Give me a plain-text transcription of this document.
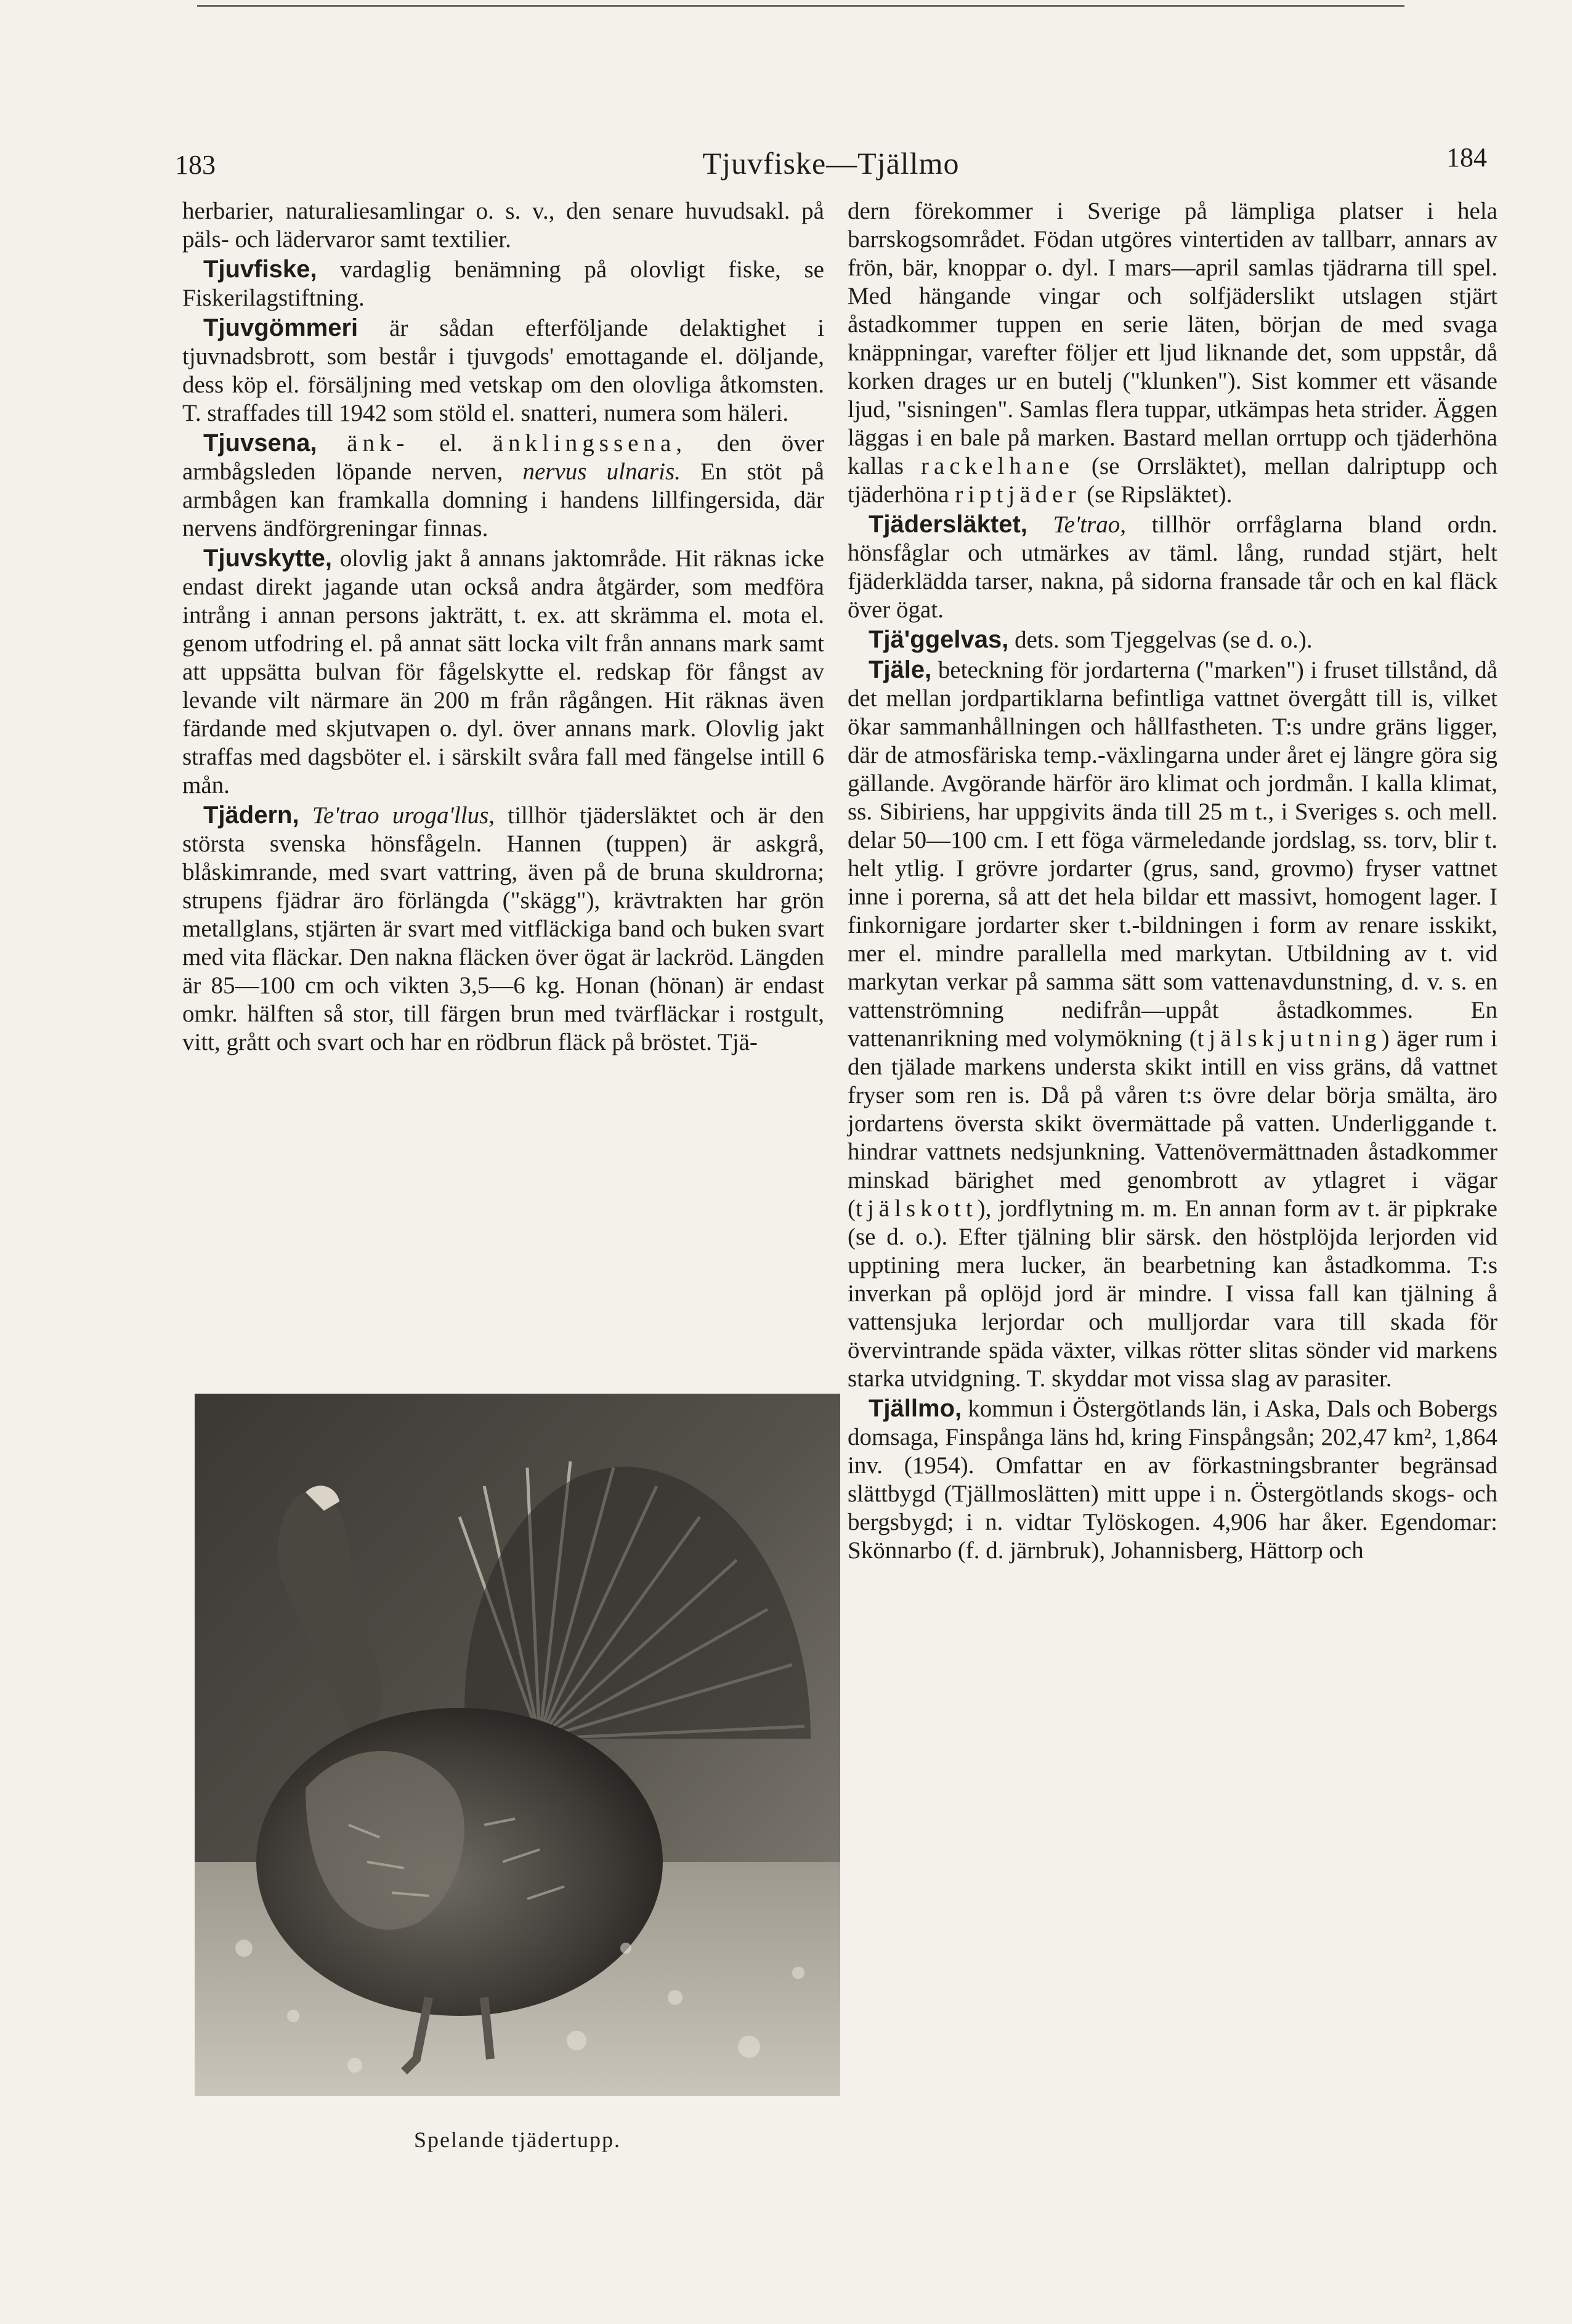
183	Tjuvfiske—Tjällmo	184

herbarier, naturaliesamlingar o. s. v., den senare huvudsakl. på päls- och lädervaror samt textilier.

Tjuvfiske, vardaglig benämning på olovligt fiske, se Fiskerilagstiftning.

Tjuvgömmeri är sådan efterföljande delaktighet i tjuvnadsbrott, som består i tjuvgods' emottagande el. döljande, dess köp el. försäljning med vetskap om den olovliga åtkomsten. T. straffades till 1942 som stöld el. snatteri, numera som häleri.

Tjuvsena, änk- el. änklingssena, den över armbågsleden löpande nerven, nervus ulnaris. En stöt på armbågen kan framkalla domning i handens lillfingersida, där nervens ändförgreningar finnas.

Tjuvskytte, olovlig jakt å annans jaktområde. Hit räknas icke endast direkt jagande utan också andra åtgärder, som medföra intrång i annan persons jakträtt, t. ex. att skrämma el. mota el. genom utfodring el. på annat sätt locka vilt från annans mark samt att uppsätta bulvan för fågelskytte el. redskap för fångst av levande vilt närmare än 200 m från rågången. Hit räknas även färdande med skjutvapen o. dyl. över annans mark. Olovlig jakt straffas med dagsböter el. i särskilt svåra fall med fängelse intill 6 mån.

Tjädern, Te'trao uroga'llus, tillhör tjädersläktet och är den största svenska hönsfågeln. Hannen (tuppen) är askgrå, blåskimrande, med svart vattring, även på de bruna skuldrorna; strupens fjädrar äro förlängda ("skägg"), krävtrakten har grön metallglans, stjärten är svart med vitfläckiga band och buken svart med vita fläckar. Den nakna fläcken över ögat är lackröd. Längden är 85—100 cm och vikten 3,5—6 kg. Honan (hönan) är endast omkr. hälften så stor, till färgen brun med tvärfläckar i rostgult, vitt, grått och svart och har en rödbrun fläck på bröstet. Tjä-

Spelande tjädertupp.

dern förekommer i Sverige på lämpliga platser i hela barrskogsområdet. Födan utgöres vintertiden av tallbarr, annars av frön, bär, knoppar o. dyl. I mars—april samlas tjädrarna till spel. Med hängande vingar och solfjäderslikt utslagen stjärt åstadkommer tuppen en serie läten, början de med svaga knäppningar, varefter följer ett ljud liknande det, som uppstår, då korken drages ur en butelj ("klunken"). Sist kommer ett väsande ljud, "sisningen". Samlas flera tuppar, utkämpas heta strider. Äggen läggas i en bale på marken. Bastard mellan orrtupp och tjäderhöna kallas rackelhane (se Orrsläktet), mellan dalriptupp och tjäderhöna riptjäder (se Ripsläktet).

Tjädersläktet, Te'trao, tillhör orrfåglarna bland ordn. hönsfåglar och utmärkes av täml. lång, rundad stjärt, helt fjäderklädda tarser, nakna, på sidorna fransade tår och en kal fläck över ögat.

Tjä'ggelvas, dets. som Tjeggelvas (se d. o.).

Tjäle, beteckning för jordarterna ("marken") i fruset tillstånd, då det mellan jordpartiklarna befintliga vattnet övergått till is, vilket ökar sammanhållningen och hållfastheten. T:s undre gräns ligger, där de atmosfäriska temp.-växlingarna under året ej längre göra sig gällande. Avgörande härför äro klimat och jordmån. I kalla klimat, ss. Sibiriens, har uppgivits ända till 25 m t., i Sveriges s. och mell. delar 50—100 cm. I ett föga värmeledande jordslag, ss. torv, blir t. helt ytlig. I grövre jordarter (grus, sand, grovmo) fryser vattnet inne i porerna, så att det hela bildar ett massivt, homogent lager. I finkornigare jordarter sker t.-bildningen i form av renare isskikt, mer el. mindre parallella med markytan. Utbildning av t. vid markytan verkar på samma sätt som vattenavdunstning, d. v. s. en vattenströmning nedifrån—uppåt åstadkommes. En vattenanrikning med volymökning (tjälskjutning) äger rum i den tjälade markens understa skikt intill en viss gräns, då vattnet fryser som ren is. Då på våren t:s övre delar börja smälta, äro jordartens översta skikt övermättade på vatten. Underliggande t. hindrar vattnets nedsjunkning. Vattenövermättnaden åstadkommer minskad bärighet med genombrott av ytlagret i vägar (tjälskott), jordflytning m. m. En annan form av t. är pipkrake (se d. o.). Efter tjälning blir särsk. den höstplöjda lerjorden vid upptining mera lucker, än bearbetning kan åstadkomma. T:s inverkan på oplöjd jord är mindre. I vissa fall kan tjälning å vattensjuka lerjordar och mulljordar vara till skada för övervintrande späda växter, vilkas rötter slitas sönder vid markens starka utvidgning. T. skyddar mot vissa slag av parasiter.

Tjällmo, kommun i Östergötlands län, i Aska, Dals och Bobergs domsaga, Finspånga läns hd, kring Finspångsån; 202,47 km², 1,864 inv. (1954). Omfattar en av förkastningsbranter begränsad slättbygd (Tjällmoslätten) mitt uppe i n. Östergötlands skogs- och bergsbygd; i n. vidtar Tylöskogen. 4,906 har åker. Egendomar: Skönnarbo (f. d. järnbruk), Johannisberg, Hättorp och
